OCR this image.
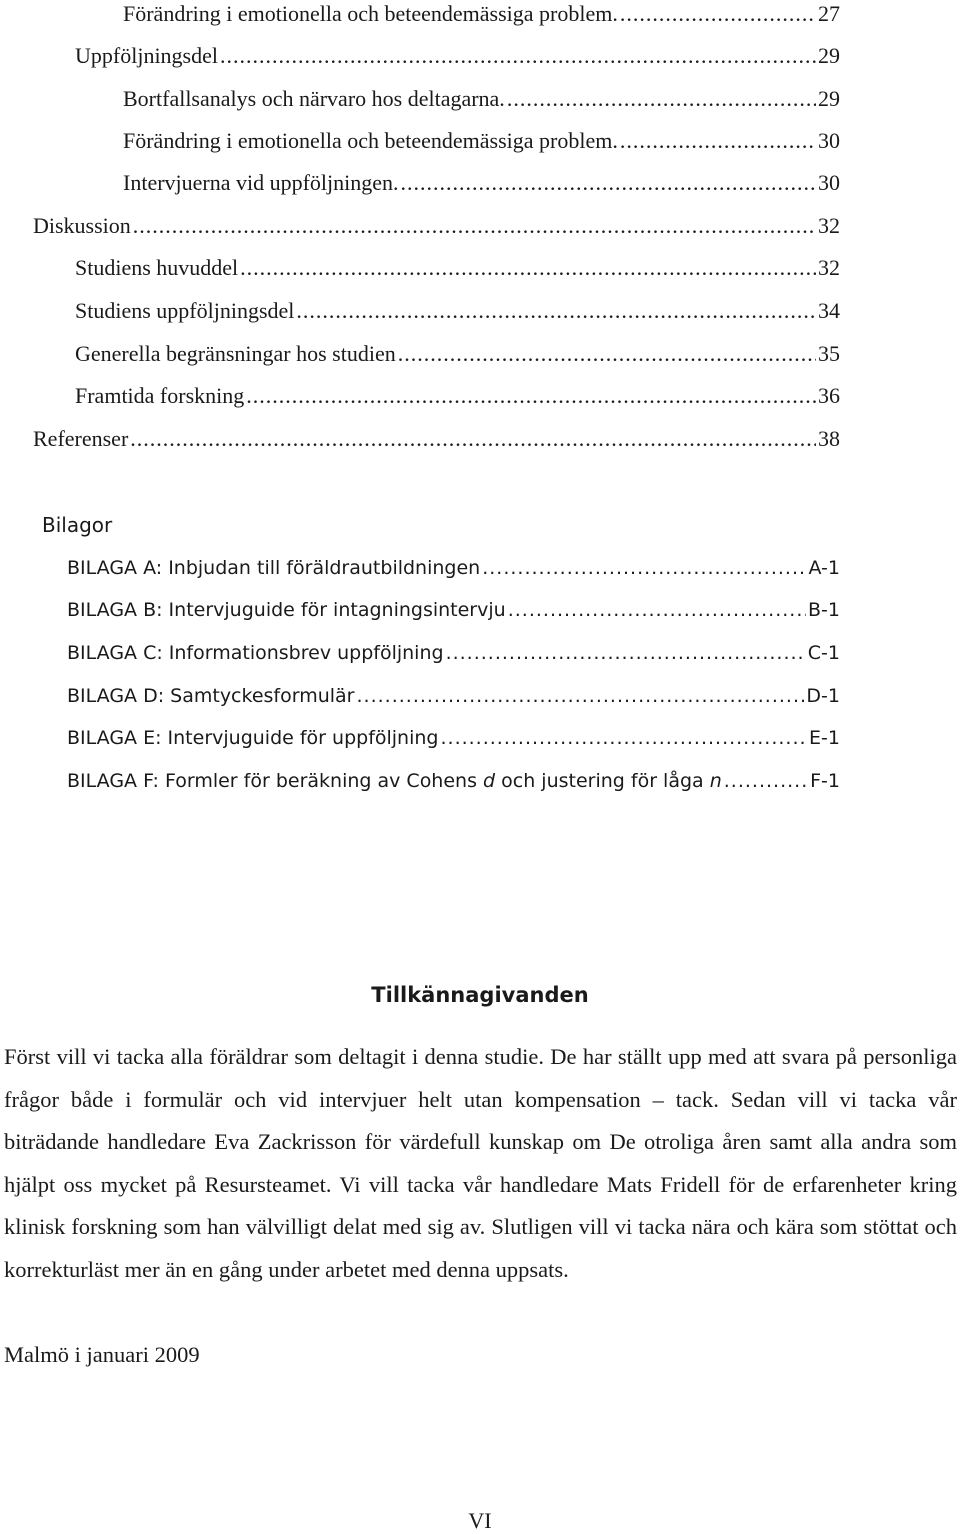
Förändring i emotionella och beteendemässiga problem. .....	27
Uppföljningsdel .....	29
Bortfallsanalys och närvaro hos deltagarna. .....	29
Förändring i emotionella och beteendemässiga problem. .....	30
Intervjuerna vid uppföljningen. .....	30
Diskussion .....	32
Studiens huvuddel .....	32
Studiens uppföljningsdel .....	34
Generella begränsningar hos studien .....	35
Framtida forskning .....	36
Referenser .....	38
Bilagor
BILAGA A: Inbjudan till föräldrautbildningen .....	A-1
BILAGA B: Intervjuguide för intagningsintervju .....	B-1
BILAGA C: Informationsbrev uppföljning .....	C-1
BILAGA D: Samtyckesformulär .....	D-1
BILAGA E: Intervjuguide för uppföljning .....	E-1
BILAGA F: Formler för beräkning av Cohens d och justering för låga n .....	F-1
Tillkännagivanden
Först vill vi tacka alla föräldrar som deltagit i denna studie. De har ställt upp med att svara på personliga frågor både i formulär och vid intervjuer helt utan kompensation – tack. Sedan vill vi tacka vår biträdande handledare Eva Zackrisson för värdefull kunskap om De otroliga åren samt alla andra som hjälpt oss mycket på Resursteamet. Vi vill tacka vår handledare Mats Fridell för de erfarenheter kring klinisk forskning som han välvilligt delat med sig av. Slutligen vill vi tacka nära och kära som stöttat och korrekturläst mer än en gång under arbetet med denna uppsats.
Malmö i januari 2009
VI
